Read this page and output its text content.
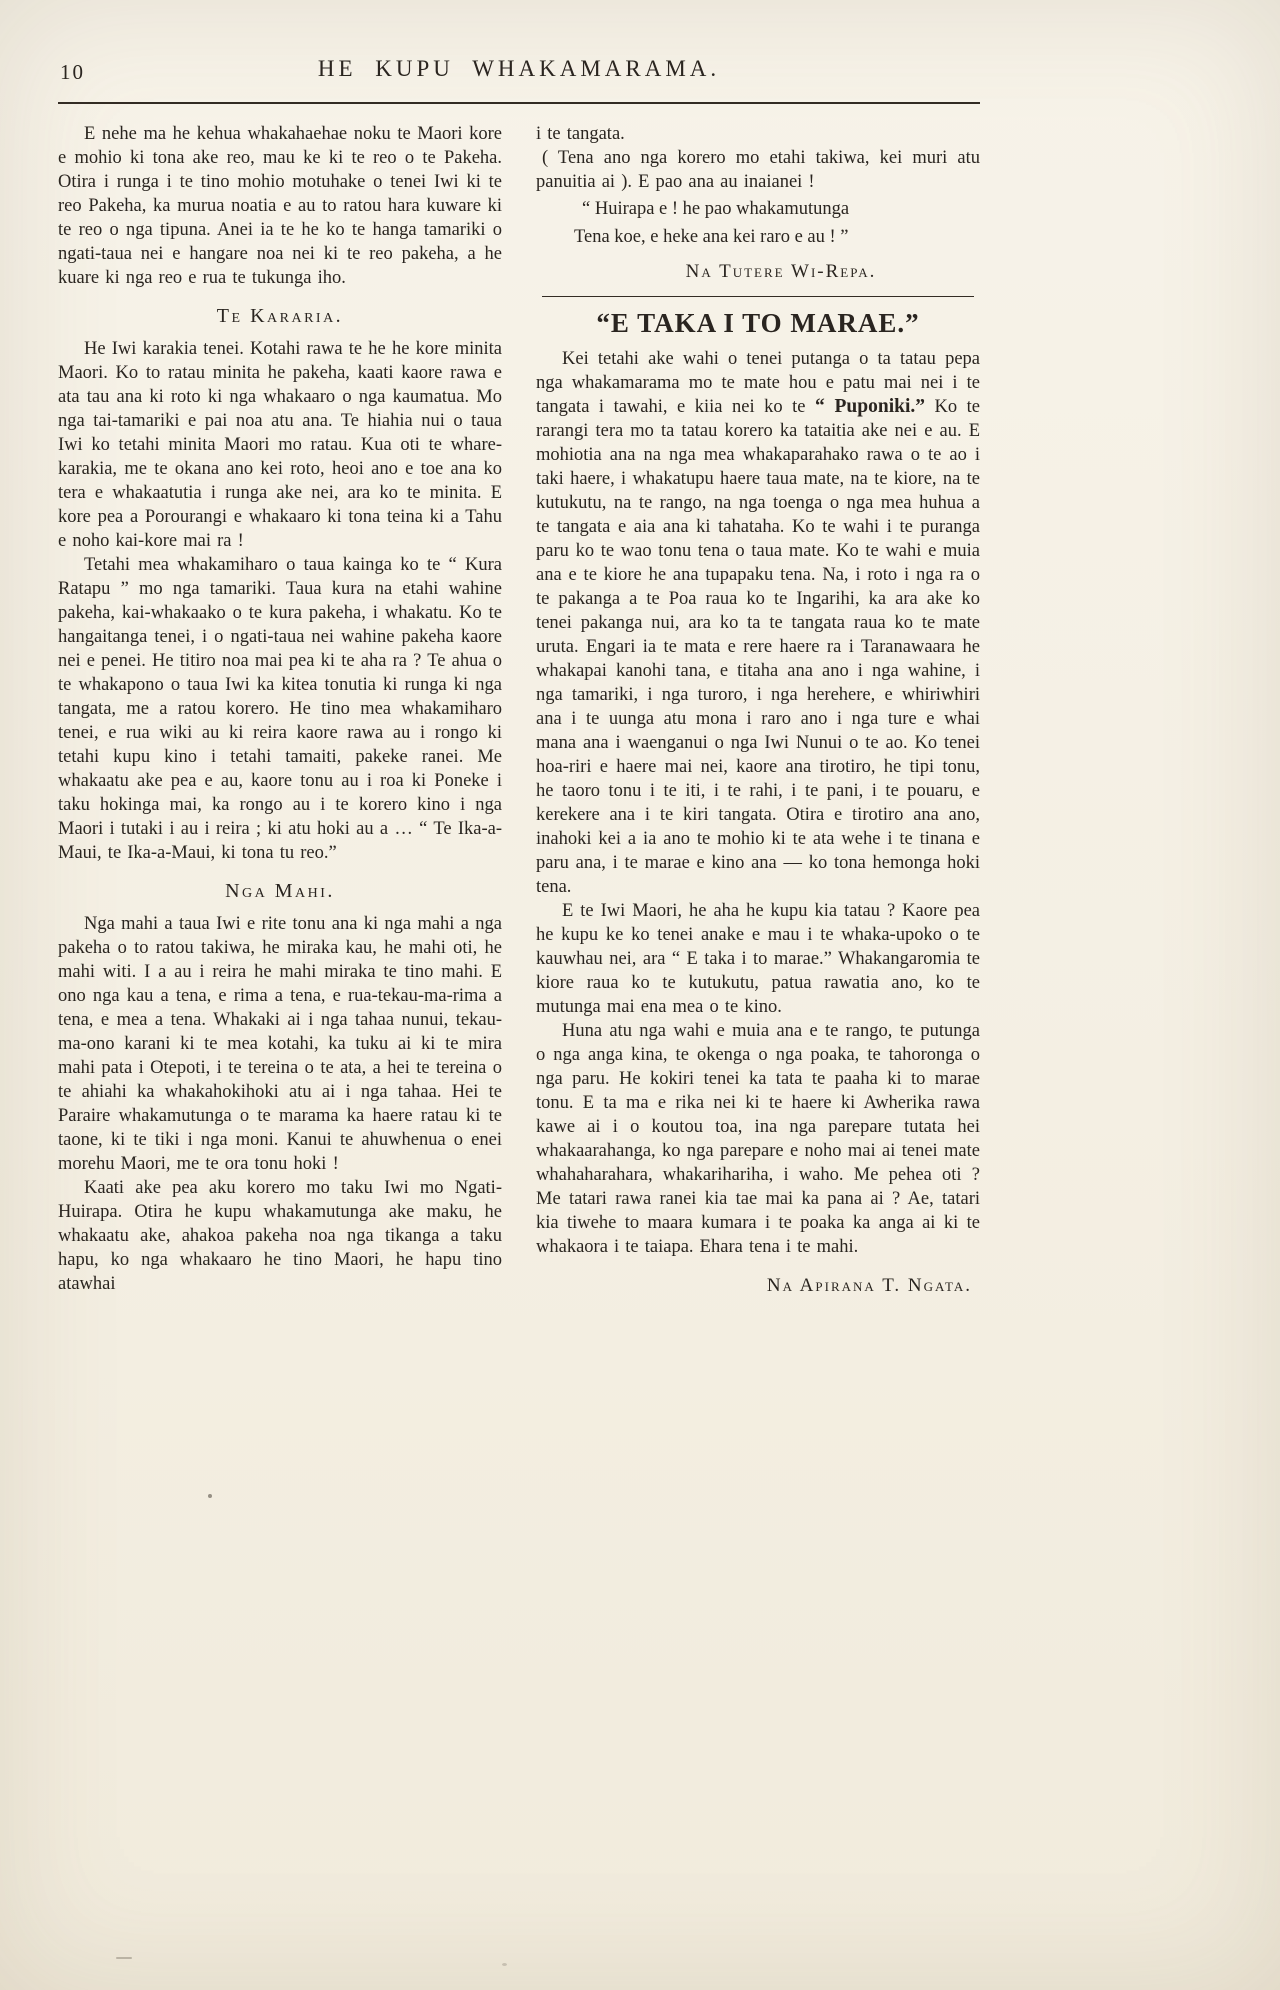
10	HE KUPU WHAKAMARAMA.

E nehe ma he kehua whakahaehae noku te Maori kore e mohio ki tona ake reo, mau ke ki te reo o te Pakeha. Otira i runga i te tino mohio motuhake o tenei Iwi ki te reo Pakeha, ka murua noatia e au to ratou hara kuware ki te reo o nga tipuna. Anei ia te he ko te hanga tamariki o ngati-taua nei e hangare noa nei ki te reo pakeha, a he kuare ki nga reo e rua te tukunga iho.

Te Kararia.

He Iwi karakia tenei. Kotahi rawa te he he kore minita Maori. Ko to ratau minita he pakeha, kaati kaore rawa e ata tau ana ki roto ki nga whakaaro o nga kaumatua. Mo nga tai-tamariki e pai noa atu ana. Te hiahia nui o taua Iwi ko tetahi minita Maori mo ratau. Kua oti te whare-karakia, me te okana ano kei roto, heoi ano e toe ana ko tera e whakaatutia i runga ake nei, ara ko te minita. E kore pea a Porourangi e whakaaro ki tona teina ki a Tahu e noho kai-kore mai ra !

Tetahi mea whakamiharo o taua kainga ko te “ Kura Ratapu ” mo nga tamariki. Taua kura na etahi wahine pakeha, kai-whakaako o te kura pakeha, i whakatu. Ko te hangaitanga tenei, i o ngati-taua nei wahine pakeha kaore nei e penei. He titiro noa mai pea ki te aha ra ? Te ahua o te whakapono o taua Iwi ka kitea tonutia ki runga ki nga tangata, me a ratou korero. He tino mea whakamiharo tenei, e rua wiki au ki reira kaore rawa au i rongo ki tetahi kupu kino i tetahi tamaiti, pakeke ranei. Me whakaatu ake pea e au, kaore tonu au i roa ki Poneke i taku hokinga mai, ka rongo au i te korero kino i nga Maori i tutaki i au i reira ; ki atu hoki au a … “ Te Ika-a-Maui, te Ika-a-Maui, ki tona tu reo.”

Nga Mahi.

Nga mahi a taua Iwi e rite tonu ana ki nga mahi a nga pakeha o to ratou takiwa, he miraka kau, he mahi oti, he mahi witi. I a au i reira he mahi miraka te tino mahi. E ono nga kau a tena, e rima a tena, e rua-tekau-ma-rima a tena, e mea a tena. Whakaki ai i nga tahaa nunui, tekau-ma-ono karani ki te mea kotahi, ka tuku ai ki te mira mahi pata i Otepoti, i te tereina o te ata, a hei te tereina o te ahiahi ka whakahokihoki atu ai i nga tahaa. Hei te Paraire whakamutunga o te marama ka haere ratau ki te taone, ki te tiki i nga moni. Kanui te ahuwhenua o enei morehu Maori, me te ora tonu hoki !

Kaati ake pea aku korero mo taku Iwi mo Ngati-Huirapa. Otira he kupu whakamutunga ake maku, he whakaatu ake, ahakoa pakeha noa nga tikanga a taku hapu, ko nga whakaaro he tino Maori, he hapu tino atawhai

i te tangata.

( Tena ano nga korero mo etahi takiwa, kei muri atu panuitia ai ). E pao ana au inaianei !

“ Huirapa e ! he pao whakamutunga

Tena koe, e heke ana kei raro e au ! ”

Na Tutere Wi-Repa.

“E TAKA I TO MARAE.”

Kei tetahi ake wahi o tenei putanga o ta tatau pepa nga whakamarama mo te mate hou e patu mai nei i te tangata i tawahi, e kiia nei ko te “ Puponiki.” Ko te rarangi tera mo ta tatau korero ka tataitia ake nei e au. E mohiotia ana na nga mea whakaparahako rawa o te ao i taki haere, i whakatupu haere taua mate, na te kiore, na te kutukutu, na te rango, na nga toenga o nga mea huhua a te tangata e aia ana ki tahataha. Ko te wahi i te puranga paru ko te wao tonu tena o taua mate. Ko te wahi e muia ana e te kiore he ana tupapaku tena. Na, i roto i nga ra o te pakanga a te Poa raua ko te Ingarihi, ka ara ake ko tenei pakanga nui, ara ko ta te tangata raua ko te mate uruta. Engari ia te mata e rere haere ra i Taranawaara he whakapai kanohi tana, e titaha ana ano i nga wahine, i nga tamariki, i nga turoro, i nga herehere, e whiriwhiri ana i te uunga atu mona i raro ano i nga ture e whai mana ana i waenganui o nga Iwi Nunui o te ao. Ko tenei hoa-riri e haere mai nei, kaore ana tirotiro, he tipi tonu, he taoro tonu i te iti, i te rahi, i te pani, i te pouaru, e kerekere ana i te kiri tangata. Otira e tirotiro ana ano, inahoki kei a ia ano te mohio ki te ata wehe i te tinana e paru ana, i te marae e kino ana — ko tona hemonga hoki tena.

E te Iwi Maori, he aha he kupu kia tatau ? Kaore pea he kupu ke ko tenei anake e mau i te whaka-upoko o te kauwhau nei, ara “ E taka i to marae.” Whakangaromia te kiore raua ko te kutukutu, patua rawatia ano, ko te mutunga mai ena mea o te kino.

Huna atu nga wahi e muia ana e te rango, te putunga o nga anga kina, te okenga o nga poaka, te tahoronga o nga paru. He kokiri tenei ka tata te paaha ki to marae tonu. E ta ma e rika nei ki te haere ki Awherika rawa kawe ai i o koutou toa, ina nga parepare tutata hei whakaarahanga, ko nga parepare e noho mai ai tenei mate whahaharahara, whakarihariha, i waho. Me pehea oti ? Me tatari rawa ranei kia tae mai ka pana ai ? Ae, tatari kia tiwehe to maara kumara i te poaka ka anga ai ki te whakaora i te taiapa. Ehara tena i te mahi.

Na Apirana T. Ngata.
